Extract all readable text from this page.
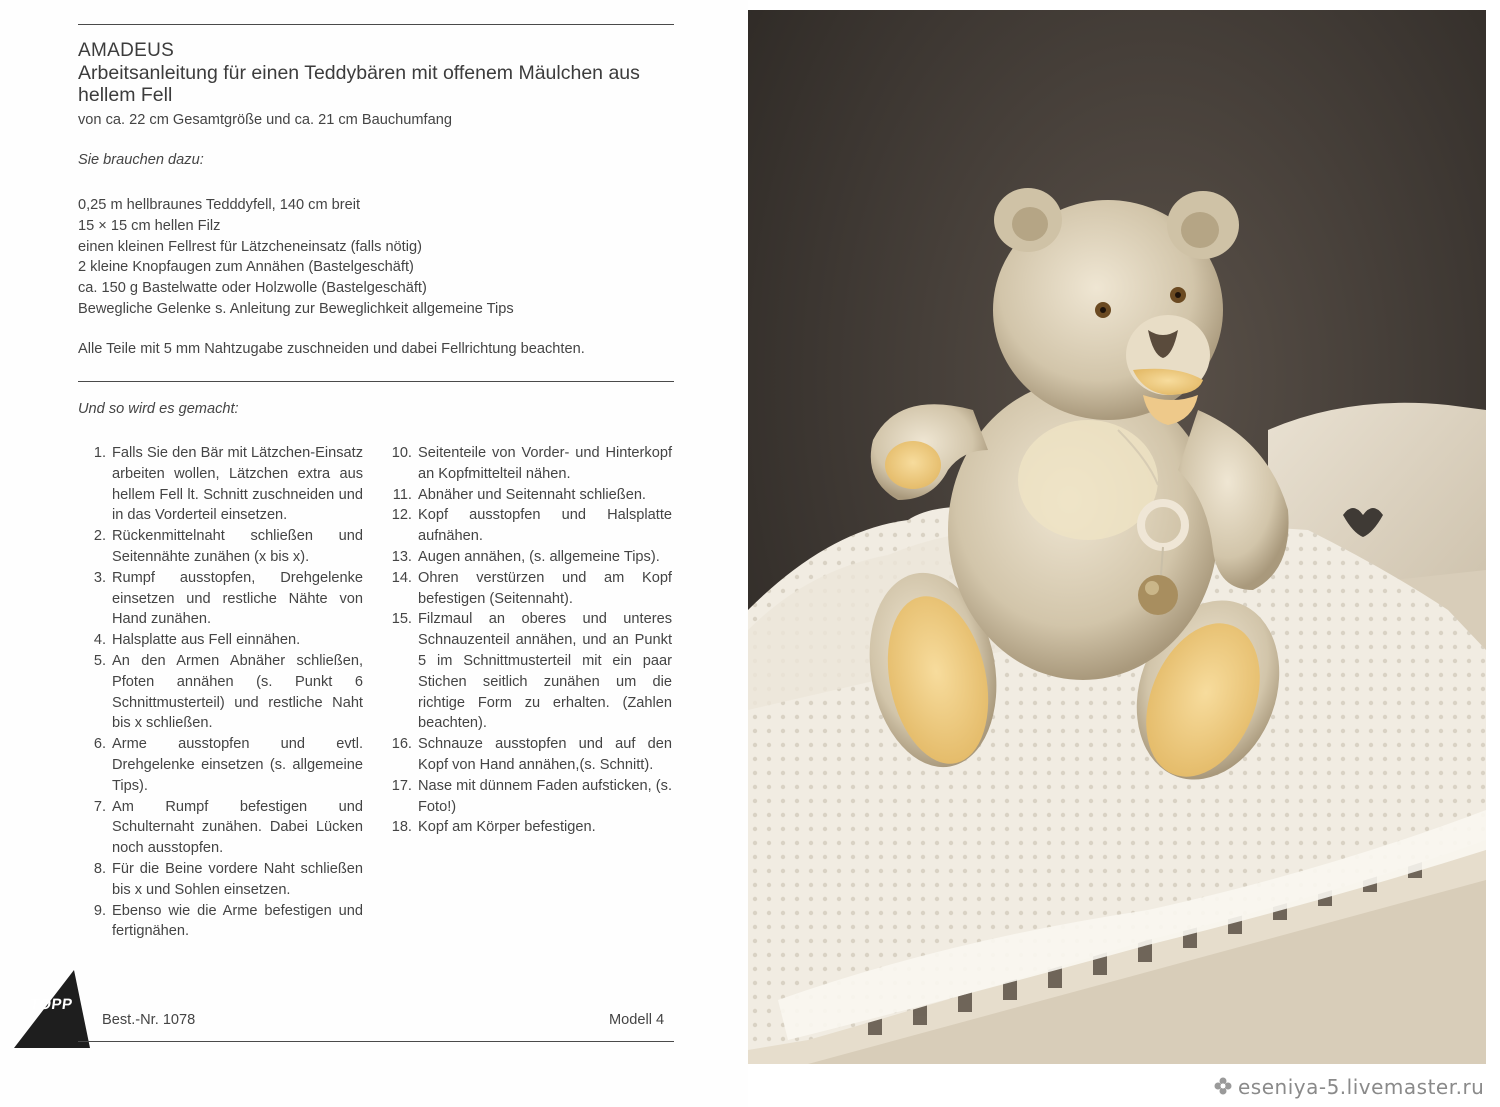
AMADEUS
Arbeitsanleitung für einen Teddybären mit offenem Mäulchen aus
hellem Fell
von ca. 22 cm Gesamtgröße und ca. 21 cm Bauchumfang
Sie brauchen dazu:
0,25 m hellbraunes Tedddyfell, 140 cm breit
15 × 15 cm hellen Filz
einen kleinen Fellrest für Lätzcheneinsatz (falls nötig)
2 kleine Knopfaugen zum Annähen (Bastelgeschäft)
ca. 150 g Bastelwatte oder Holzwolle (Bastelgeschäft)
Bewegliche Gelenke s. Anleitung zur Beweglichkeit allgemeine Tips
Alle Teile mit 5 mm Nahtzugabe zuschneiden und dabei Fellrichtung beachten.
Und so wird es gemacht:
1. Falls Sie den Bär mit Lätzchen-Einsatz arbeiten wollen, Lätzchen extra aus hellem Fell lt. Schnitt zuschneiden und in das Vorderteil einsetzen.
2. Rückenmittelnaht schließen und Seitennähte zunähen (x bis x).
3. Rumpf ausstopfen, Drehgelenke einsetzen und restliche Nähte von Hand zunähen.
4. Halsplatte aus Fell einnähen.
5. An den Armen Abnäher schließen, Pfoten annähen (s. Punkt 6 Schnittmusterteil) und restliche Naht bis x schließen.
6. Arme ausstopfen und evtl. Drehgelenke einsetzen (s. allgemeine Tips).
7. Am Rumpf befestigen und Schulternaht zunähen. Dabei Lücken noch ausstopfen.
8. Für die Beine vordere Naht schließen bis x und Sohlen einsetzen.
9. Ebenso wie die Arme befestigen und fertignähen.
10. Seitenteile von Vorder- und Hinterkopf an Kopfmittelteil nähen.
11. Abnäher und Seitennaht schließen.
12. Kopf ausstopfen und Halsplatte aufnähen.
13. Augen annähen, (s. allgemeine Tips).
14. Ohren verstürzen und am Kopf befestigen (Seitennaht).
15. Filzmaul an oberes und unteres Schnauzenteil annähen, und an Punkt 5 im Schnittmusterteil mit ein paar Stichen seitlich zunähen um die richtige Form zu erhalten. (Zahlen beachten).
16. Schnauze ausstopfen und auf den Kopf von Hand annähen,(s. Schnitt).
17. Nase mit dünnem Faden aufsticken, (s. Foto!)
18. Kopf am Körper befestigen.
TOPP
Best.-Nr. 1078	Modell 4
eseniya-5.livemaster.ru
